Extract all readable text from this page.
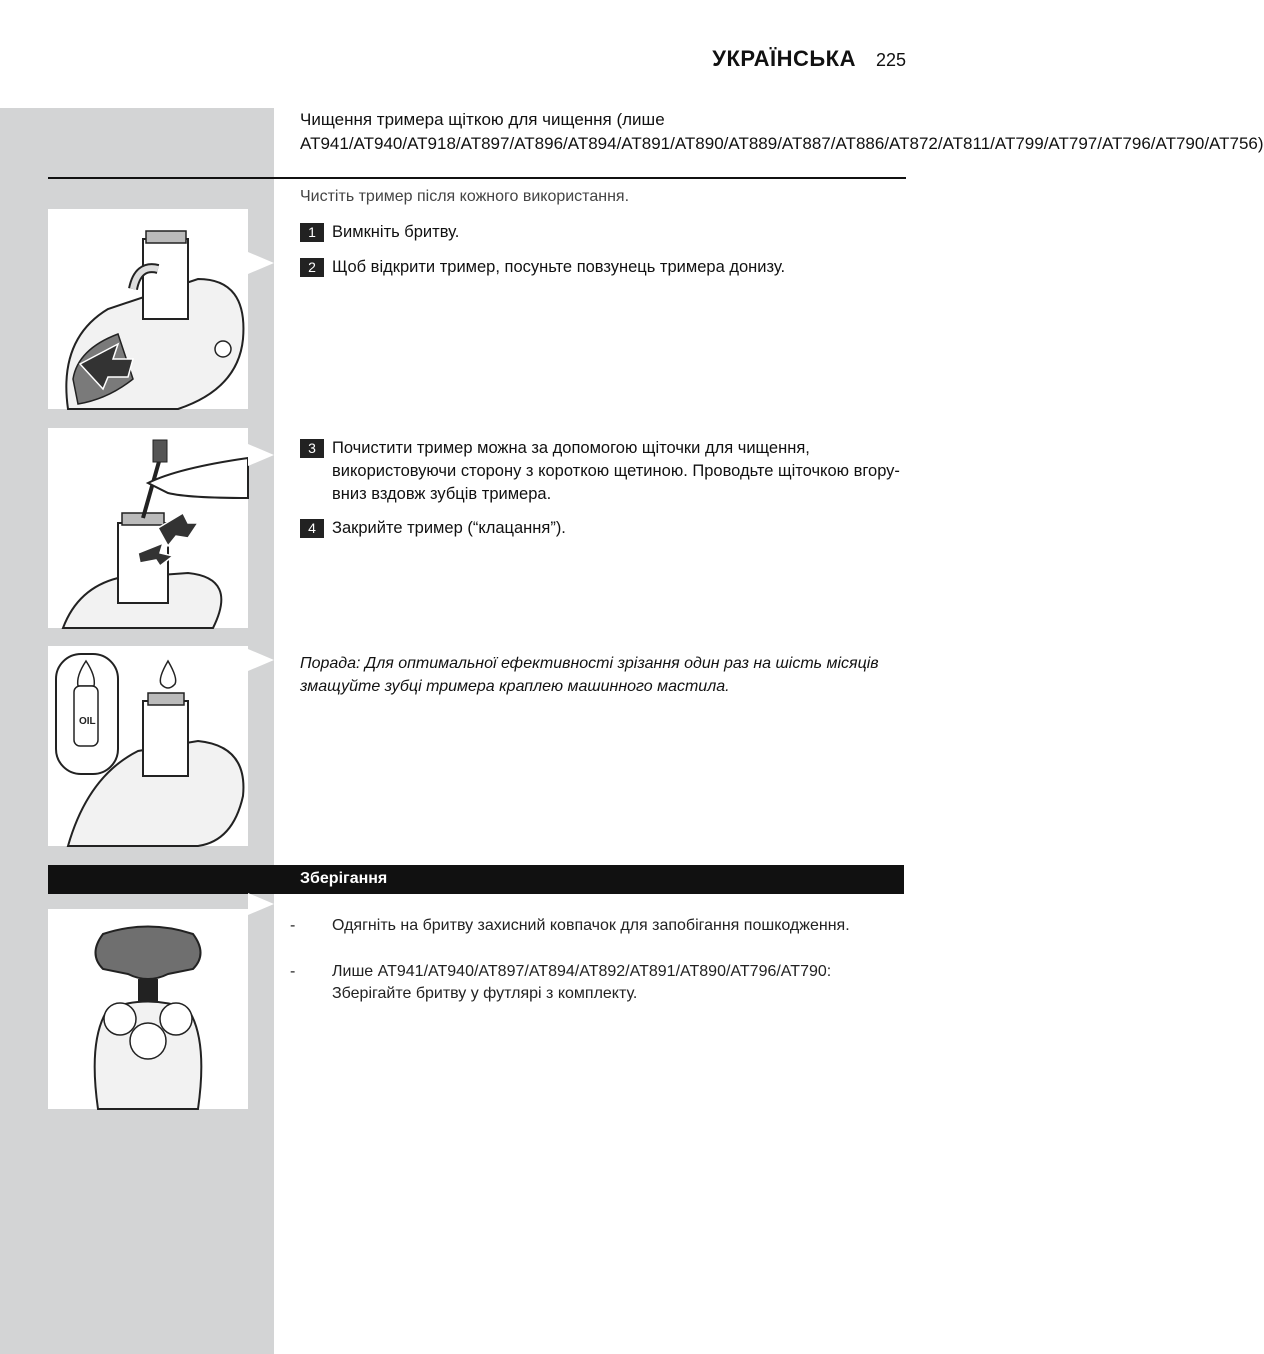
УКРАЇНСЬКА 225
Чищення тримера щіткою для чищення (лише AT941/AT940/AT918/AT897/AT896/AT894/AT891/AT890/AT889/AT887/AT886/AT872/AT811/AT799/AT797/AT796/AT790/AT756)
Чистіть тример після кожного використання.
1 Вимкніть бритву.
2 Щоб відкрити тример, посуньте повзунець тримера донизу.
3 Почистити тример можна за допомогою щіточки для чищення, використовуючи сторону з короткою щетиною. Проводьте щіточкою вгору-вниз вздовж зубців тримера.
4 Закрийте тример (“клацання”).
Порада: Для оптимальної ефективності зрізання один раз на шість місяців змащуйте зубці тримера краплею машинного мастила.
OIL
Зберігання
- Одягніть на бритву захисний ковпачок для запобігання пошкодження.
- Лише AT941/AT940/AT897/AT894/AT892/AT891/AT890/AT796/AT790: Зберігайте бритву у футлярі з комплекту.
